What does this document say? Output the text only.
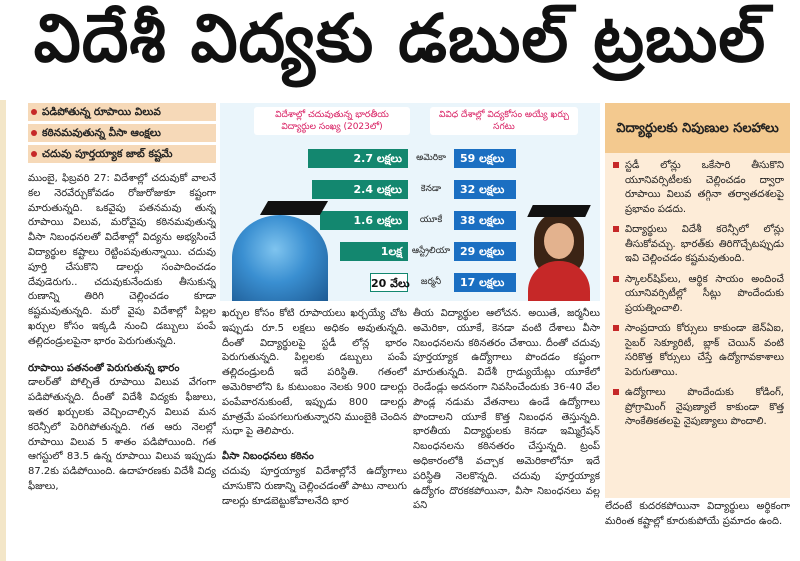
విదేశీ విద్యకు డబుల్ ట్రబుల్
పడిపోతున్న రూపాయి విలువ
కఠినమవుతున్న వీసా ఆంక్షలు
చదువు పూర్తయ్యాక జాబ్ కష్టమే

ముంబై, ఫిబ్రవరి 27: విదేశాల్లో చదువుకో వాలనే కల నెరవేర్చుకోవడం రోజురోజుకూ కష్టంగా మారుతున్నది. ఒకవైపు పతనమవు తున్న రూపాయి విలువ, మరోవైపు కఠినమవుతున్న వీసా నిబంధనలతో విదేశాల్లో విద్యను అభ్యసించే విద్యార్థుల కష్టాలు రెట్టింపవుతున్నాయి. చదువు పూర్తి చేసుకొని డాలర్లు సంపాదించడం దేవుడెరుగు.. చదువుకునేందుకు తీసుకున్న రుణాన్ని తిరిగి చెల్లించడం కూడా కష్టమవుతున్నది. మరో వైపు విదేశాల్లో పిల్లల ఖర్చుల కోసం ఇక్కడి నుంచి డబ్బులు పంపే తల్లిదండ్రులపైనా భారం పెరుగుతున్నది.

రూపాయి పతనంతో పెరుగుతున్న భారం

డాలర్‌తో పోల్చితే రూపాయి విలువ వేగంగా పడిపోతున్నది. దీంతో విదేశీ విద్యకు ఫీజులు, ఇతర ఖర్చులకు వెచ్చించాల్సిన విలువ మన కరెన్సీలో పెరిగిపోతున్నది. గత ఆరు నెలల్లో రూపాయి విలువ 5 శాతం పడిపోయింది. గత ఆగస్టులో 83.5 ఉన్న రూపాయి విలువ ఇప్పుడు 87.2కు పడిపోయింది. ఉదాహరణకు విదేశీ విద్య ఫీజులు,

విదేశాల్లో చదువుతున్న భారతీయ విద్యార్థుల సంఖ్య (2023లో)
వివిధ దేశాల్లో విద్యకోసం అయ్యే ఖర్చు సగటు
2.7 లక్షలు	అమెరికా	59 లక్షలు
2.4 లక్షలు	కెనడా	32 లక్షలు
1.6 లక్షలు	యూకే	38 లక్షలు
1లక్ష	ఆస్ట్రేలియా 29 లక్షలు
20 వేలు	జర్మనీ	17 లక్షలు

ఖర్చుల కోసం కోటి రూపాయలు ఖర్చయ్యే చోట ఇప్పుడు రూ.5 లక్షలు అధికం అవుతున్నది. దీంతో విద్యార్థులపై స్టడీ లోన్ల భారం పెరుగుతున్నది. పిల్లలకు డబ్బులు పంపే తల్లిదండ్రులదీ ఇదే పరిస్థితి. గతంలో అమెరికాలోని ఓ కుటుంబం నెలకు 900 డాలర్లు పంపేవారనుకుంటే, ఇప్పుడు 800 డాలర్లు మాత్రమే పంపగలుగుతున్నారని ముంబైకి చెందిన సుధా పై తెలిపారు.

వీసా నిబంధనలు కఠినం

చదువు పూర్తయ్యాక విదేశాల్లోనే ఉద్యోగాలు చూసుకొని రుణాన్ని చెల్లించడంతో పాటు నాలుగు డాలర్లు కూడబెట్టుకోవాలనేది భార

తీయ విద్యార్థుల ఆలోచన. అయితే, జర్మనీలు అమెరికా, యూకే, కెనడా వంటి దేశాలు వీసా నిబంధనలను కఠినతరం చేశాయి. దీంతో చదువు పూర్తయ్యాక ఉద్యోగాలు పొందడం కష్టంగా మారుతున్నది. విదేశీ గ్రాడ్యుయేట్లు యూకేలో రెండేండ్లు అదనంగా నివసించేందుకు 36-40 వేల పౌండ్ల నడుమ వేతనాలు ఉండే ఉద్యోగాలు పొందాలని యూకే కొత్త నిబంధన తెస్తున్నది. భారతీయ విద్యార్థులకు కెనడా ఇమ్మిగ్రేషన్ నిబంధనలను కఠినతరం చేస్తున్నది. ట్రంప్ అధికారంలోకి వచ్చాక అమెరికాలోనూ ఇదే పరిస్థితి నెలకొన్నది. చదువు పూర్తయ్యాక ఉద్యోగం దొరకకపోయినా, వీసా నిబంధనలు వల్ల పని

విద్యార్థులకు నిపుణుల సలహాలు
స్టడీ లోన్లు ఒకేసారి తీసుకొని యూనివర్సిటీలకు చెల్లించడం ద్వారా రూపాయి విలువ తగ్గినా తర్వాతదశలపై ప్రభావం పడదు.
విద్యార్థులు విదేశీ కరెన్సీలో లోన్లు తీసుకోవచ్చు. భారత్‌కు తిరిగొచ్చేటప్పుడు ఇవి చెల్లించడం కష్టమవుతుంది.
స్కాలర్‌షిప్‌లు, ఆర్థిక సాయం అందించే యూనివర్సిటీల్లో సీట్లు పొందేందుకు ప్రయత్నించాలి.
సాంప్రదాయ కోర్సులు కాకుండా జెన్‌ఏఐ, సైబర్ సెక్యూరిటీ, బ్లాక్ చెయిన్ వంటి సరికొత్త కోర్సులు చేస్తే ఉద్యోగావకాశాలు పెరుగుతాయి.
ఉద్యోగాలు పొందేందుకు కోడింగ్, ప్రోగ్రామింగ్ నైపుణ్యాలే కాకుండా కొత్త సాంకేతికతలపై నైపుణ్యాలు పొందాలి.
లేదంటే కుదరకపోయినా విద్యార్థులు అర్థికంగా మరింత కష్టాల్లో కూరుకుపోయే ప్రమాదం ఉంది.
